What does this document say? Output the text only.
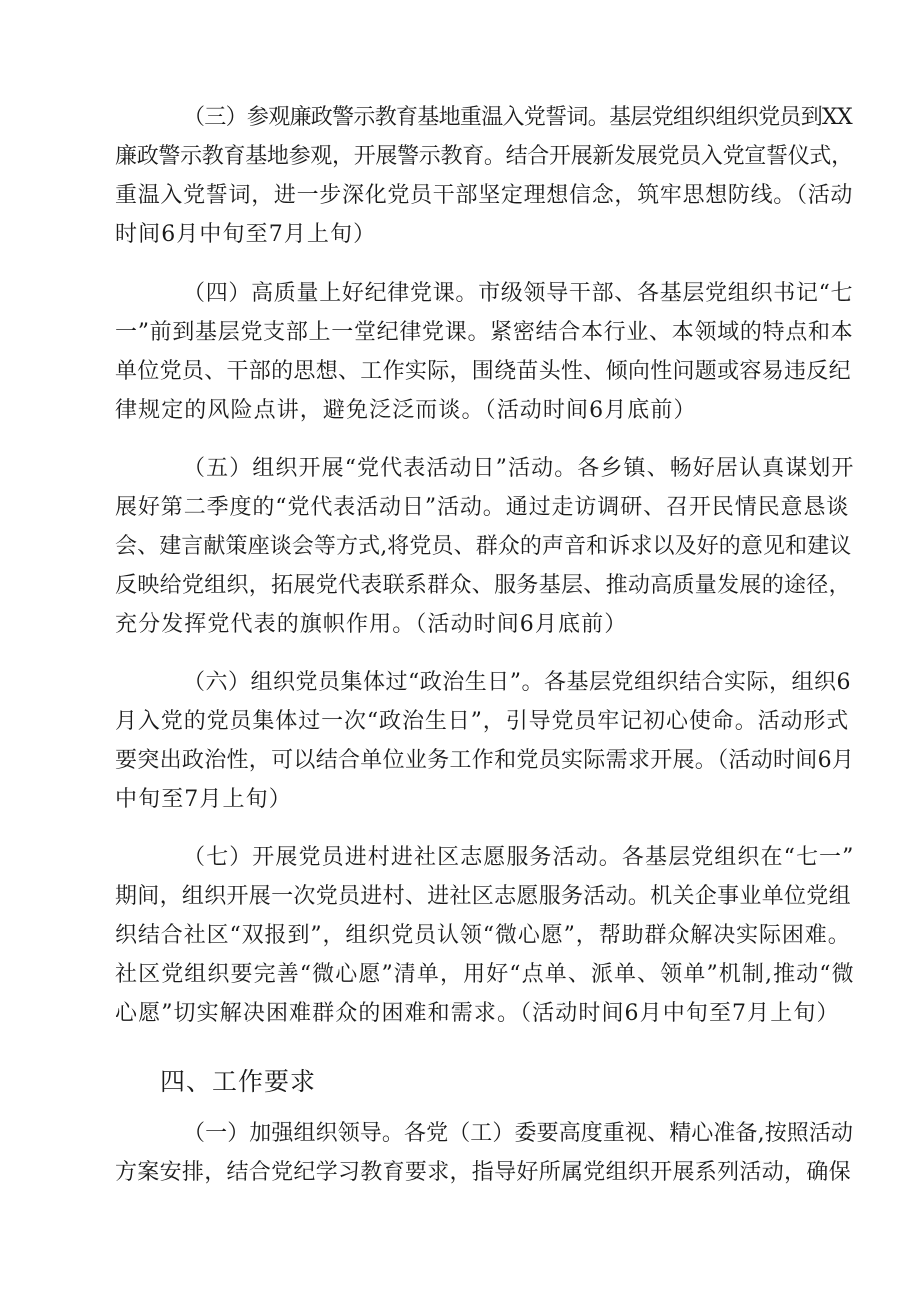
（三）参观廉政警示教育基地重温入党誓词。基层党组织组织党员到XX
廉政警示教育基地参观，开展警示教育。结合开展新发展党员入党宣誓仪式，
重温入党誓词，进一步深化党员干部坚定理想信念，筑牢思想防线。（活动
时间6月中旬至7月上旬）
（四）高质量上好纪律党课。市级领导干部、各基层党组织书记“七
一”前到基层党支部上一堂纪律党课。紧密结合本行业、本领域的特点和本
单位党员、干部的思想、工作实际，围绕苗头性、倾向性问题或容易违反纪
律规定的风险点讲，避免泛泛而谈。（活动时间6月底前）
（五）组织开展“党代表活动日”活动。各乡镇、畅好居认真谋划开
展好第二季度的“党代表活动日”活动。通过走访调研、召开民情民意恳谈
会、建言献策座谈会等方式,将党员、群众的声音和诉求以及好的意见和建议
反映给党组织，拓展党代表联系群众、服务基层、推动高质量发展的途径，
充分发挥党代表的旗帜作用。（活动时间6月底前）
（六）组织党员集体过“政治生日”。各基层党组织结合实际，组织6
月入党的党员集体过一次“政治生日”，引导党员牢记初心使命。活动形式
要突出政治性，可以结合单位业务工作和党员实际需求开展。（活动时间6月
中旬至7月上旬）
（七）开展党员进村进社区志愿服务活动。各基层党组织在“七一”
期间，组织开展一次党员进村、进社区志愿服务活动。机关企事业单位党组
织结合社区“双报到”，组织党员认领“微心愿”，帮助群众解决实际困难。
社区党组织要完善“微心愿”清单，用好“点单、派单、领单”机制,推动“微
心愿”切实解决困难群众的困难和需求。（活动时间6月中旬至7月上旬）
四、工作要求
（一）加强组织领导。各党（工）委要高度重视、精心准备,按照活动
方案安排，结合党纪学习教育要求，指导好所属党组织开展系列活动，确保
